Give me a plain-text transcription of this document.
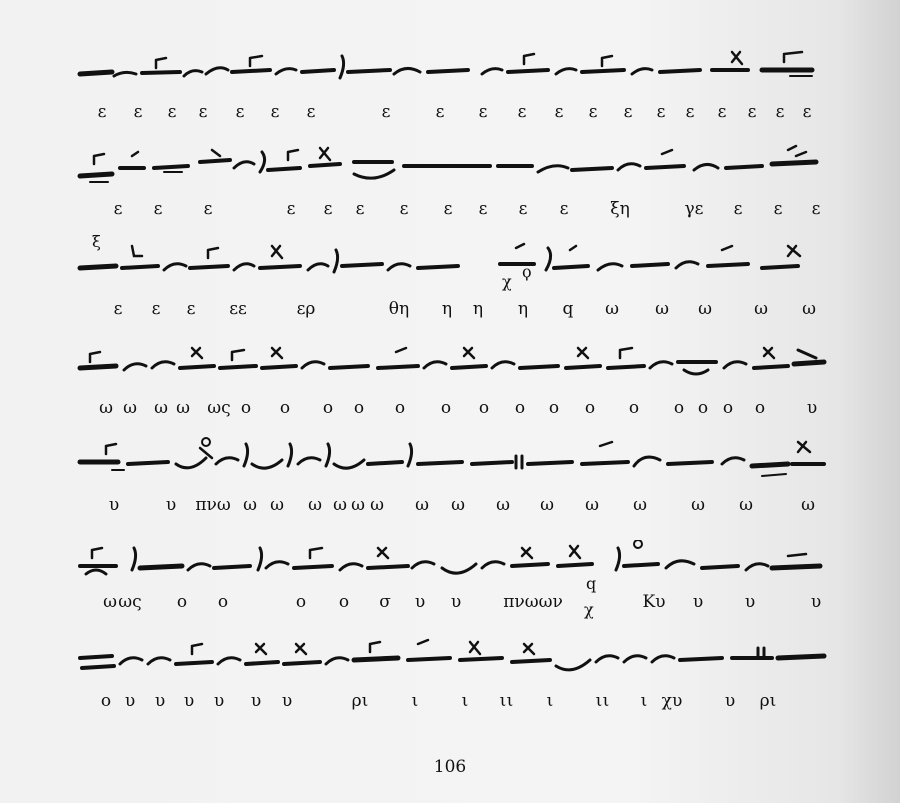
ε ε ε ε ε ε ε	ε	ε ε ε ε ε ε ε ε ε ε ε ε
ε ε ε	ε ε ε ε ε ε ε ε ξη	γε ε ε ε
ξ
χ
ϙ
ε ε ε εε	ερ	θη η η η q ω ω ω ω ω
ω ω ω ω ως ο ο ο ο ο ο ο ο ο ο ο ο ο ο ο υ
υ	υ πνω ω ω ω ω ω ω ω ω ω ω ω ω	ω ω	ω
q
ω ως ο ο	ο ο σ υ υ πνωων	Κυ υ υ	υ
χ
ο υ υ υ υ υ υ	ρι	ι	ι ι ι ι ι ι ι χυ	υ ρι
106
